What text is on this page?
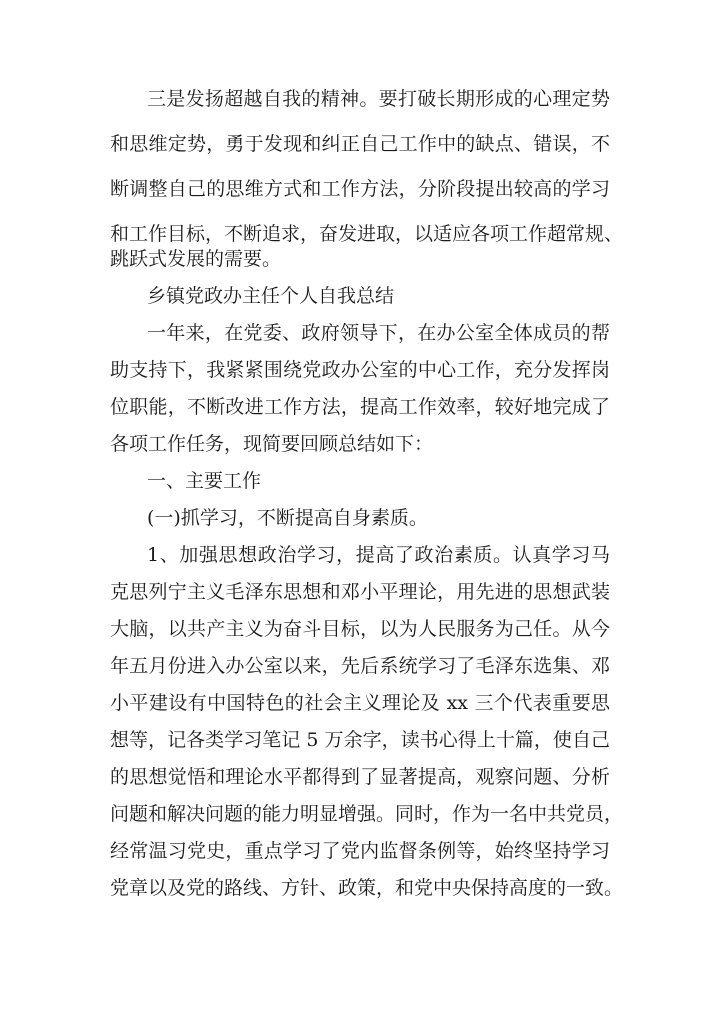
三是发扬超越自我的精神。要打破长期形成的心理定势
和思维定势，勇于发现和纠正自己工作中的缺点、错误，不
断调整自己的思维方式和工作方法，分阶段提出较高的学习
和工作目标，不断追求，奋发进取，以适应各项工作超常规、
跳跃式发展的需要。
乡镇党政办主任个人自我总结
一年来，在党委、政府领导下，在办公室全体成员的帮
助支持下，我紧紧围绕党政办公室的中心工作，充分发挥岗
位职能，不断改进工作方法，提高工作效率，较好地完成了
各项工作任务，现简要回顾总结如下：
一、主要工作
(一)抓学习，不断提高自身素质。
1、加强思想政治学习，提高了政治素质。认真学习马
克思列宁主义毛泽东思想和邓小平理论，用先进的思想武装
大脑，以共产主义为奋斗目标，以为人民服务为己任。从今
年五月份进入办公室以来，先后系统学习了毛泽东选集、邓
小平建设有中国特色的社会主义理论及 xx 三个代表重要思
想等，记各类学习笔记 5 万余字，读书心得上十篇，使自己
的思想觉悟和理论水平都得到了显著提高，观察问题、分析
问题和解决问题的能力明显增强。同时，作为一名中共党员，
经常温习党史，重点学习了党内监督条例等，始终坚持学习
党章以及党的路线、方针、政策，和党中央保持高度的一致。
